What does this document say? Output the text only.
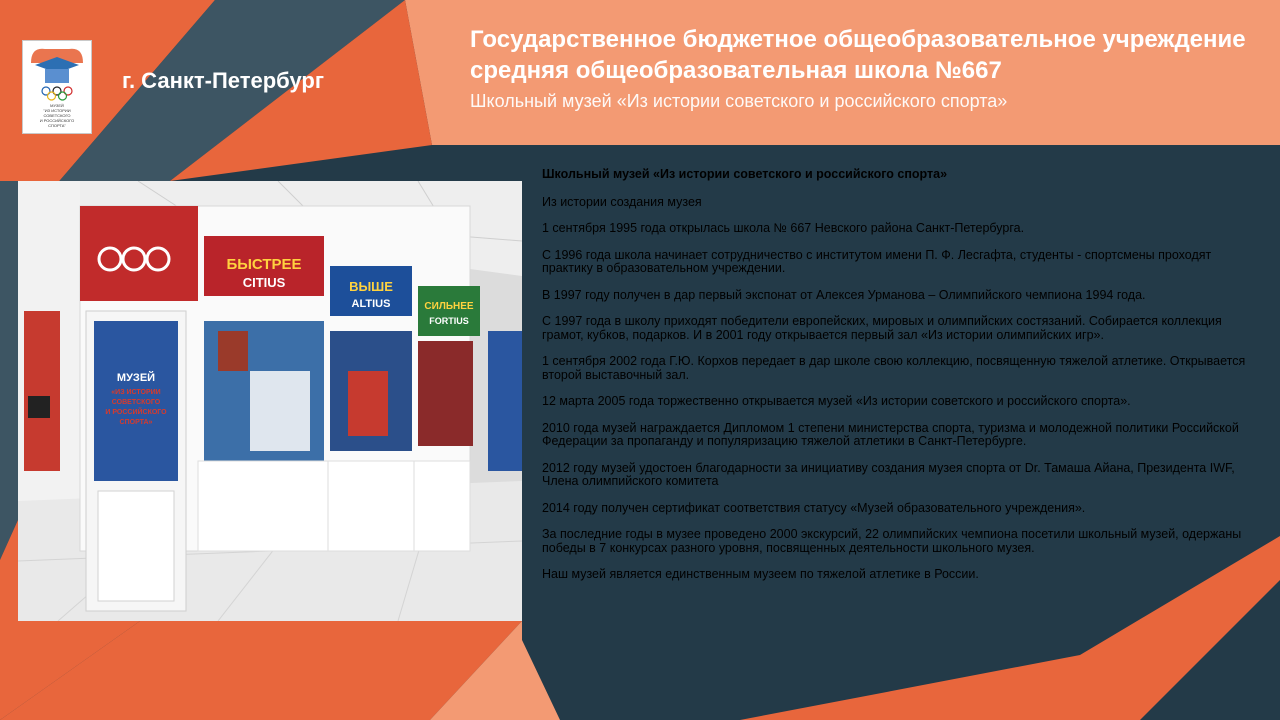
МУЗЕЙ
"ИЗ ИСТОРИИ
СОВЕТСКОГО
И РОССИЙСКОГО
СПОРТА"
г. Санкт-Петербург
Государственное бюджетное общеобразовательное учреждение
средняя общеобразовательная школа №667
Школьный музей «Из истории советского и российского спорта»
БЫСТРЕЕ
CITIUS	ВЫШЕ
ALTIUS	СИЛЬНЕЕ
FORTIUS
МУЗЕЙ
«ИЗ ИСТОРИИ
СОВЕТСКОГО
И РОССИЙСКОГО
СПОРТА»
Школьный музей «Из истории советского и российского спорта»

Из истории создания музея

1 сентября 1995 года открылась школа № 667 Невского района Санкт-Петербурга.

С 1996 года школа начинает сотрудничество с институтом имени П. Ф. Лесгафта, студенты - спортсмены проходят практику в образовательном учреждении.

В 1997 году получен в дар первый экспонат от Алексея Урманова – Олимпийского чемпиона 1994 года.

С 1997 года в школу приходят победители европейских, мировых и олимпийских состязаний. Собирается коллекция грамот, кубков, подарков. И в 2001 году открывается первый зал «Из истории олимпийских игр».

1 сентября 2002 года Г.Ю. Корхов передает в дар школе свою коллекцию, посвященную тяжелой атлетике. Открывается второй выставочный зал.

12 марта 2005 года торжественно открывается музей «Из истории советского и российского спорта».

2010 года музей награждается Дипломом 1 степени министерства спорта, туризма и молодежной политики Российской Федерации за пропаганду и популяризацию тяжелой атлетики в Санкт-Петербурге.

2012 году музей удостоен благодарности за инициативу создания музея спорта от Dr. Тамаша Айана, Президента IWF, Члена олимпийского комитета

2014 году получен сертификат соответствия статусу «Музей образовательного учреждения».

За последние годы в музее проведено 2000 экскурсий, 22 олимпийских чемпиона посетили школьный музей, одержаны победы в 7 конкурсах разного уровня, посвященных деятельности школьного музея.

Наш музей является единственным музеем по тяжелой атлетике в России.
